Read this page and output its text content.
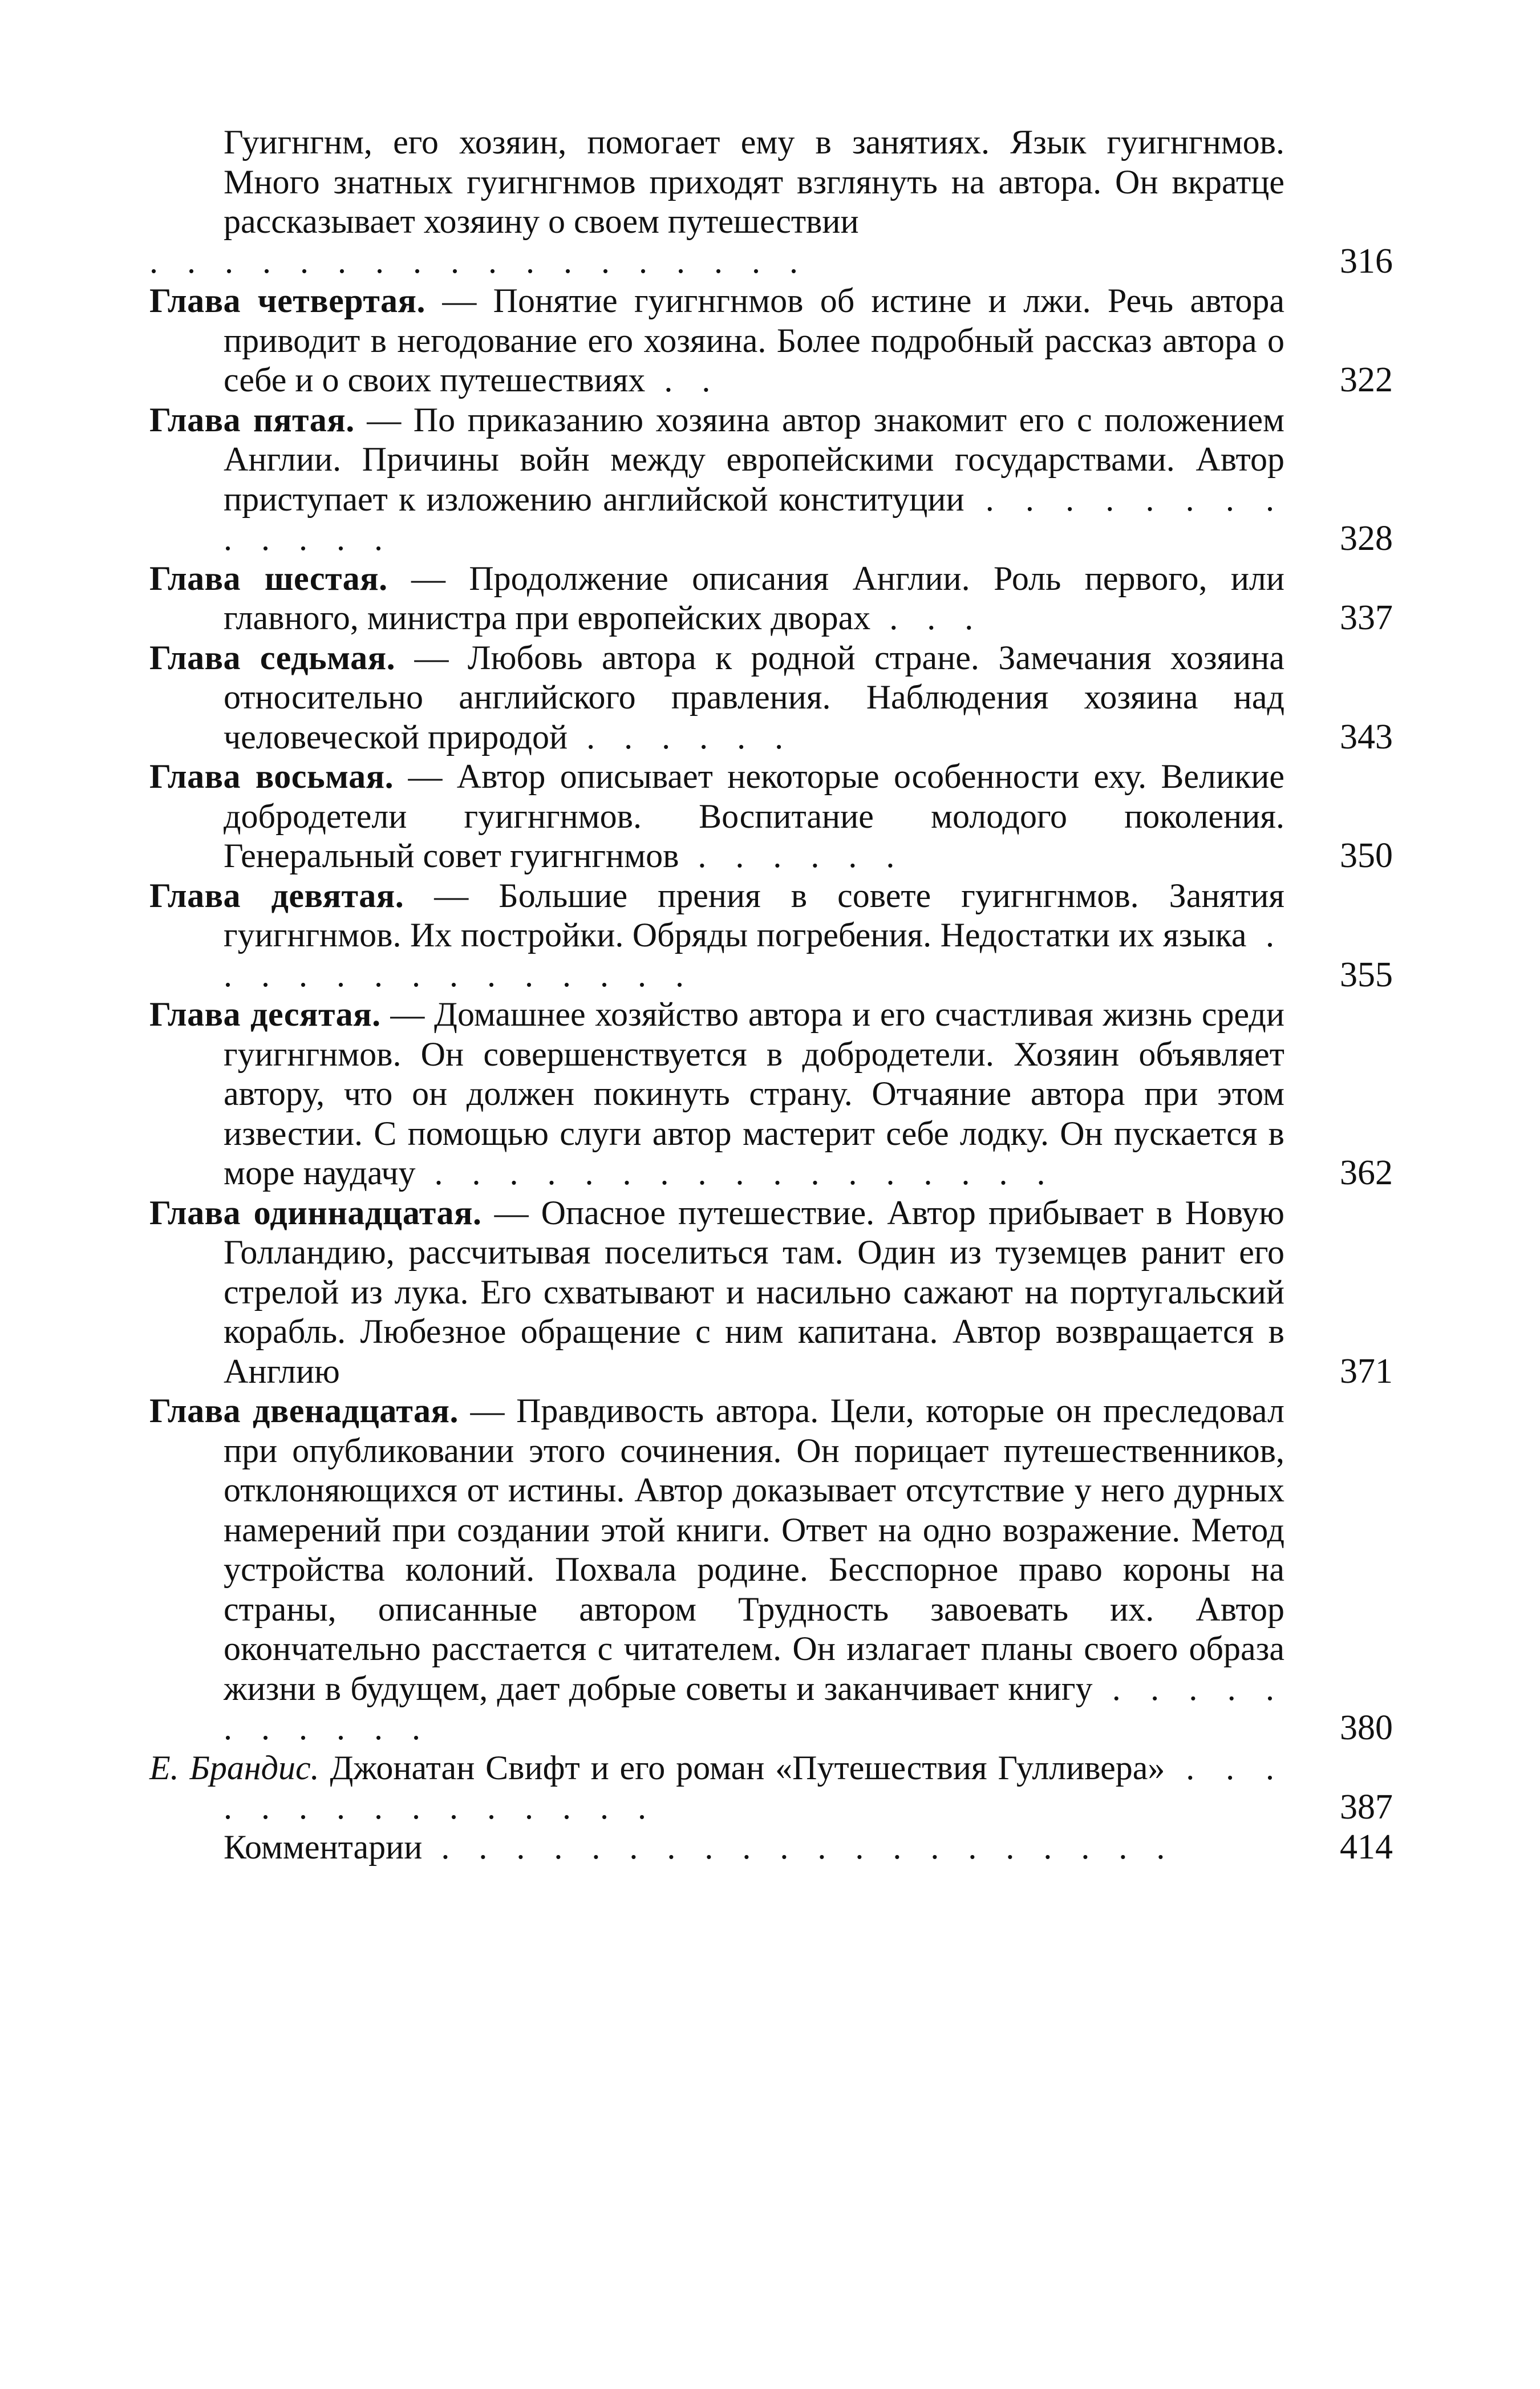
Гуигнгнм, его хозяин, помогает ему в занятиях. Язык гуигнгнмов. Много знатных гуигнгнмов приходят взглянуть на автора. Он вкратце рассказывает хозяину о своем путешествии
. . . . . . . . . . . . . . . . . .	316
Глава четвертая. — Понятие гуигнгнмов об истине и лжи. Речь автора приводит в негодование его хозяина. Более подробный рассказ автора о себе и о своих путешествиях . .	322
Глава пятая. — По приказанию хозяина автор знакомит его с положением Англии. Причины войн между европейскими государствами. Автор приступает к изложению английской конституции . . . . . . . . . . . . .	328
Глава шестая. — Продолжение описания Англии. Роль первого, или главного, министра при европейских дворах . . .	337
Глава седьмая. — Любовь автора к родной стране. Замечания хозяина относительно английского правления. Наблюдения хозяина над человеческой природой . . . . . .	343
Глава восьмая. — Автор описывает некоторые особенности еху. Великие добродетели гуигнгнмов. Воспитание молодого поколения. Генеральный совет гуигнгнмов . . . . . .	350
Глава девятая. — Большие прения в совете гуигнгнмов. Занятия гуигнгнмов. Их постройки. Обряды погребения. Недостатки их языка . . . . . . . . . . . . . .	355
Глава десятая. — Домашнее хозяйство автора и его счастливая жизнь среди гуигнгнмов. Он совершенствуется в добродетели. Хозяин объявляет автору, что он должен покинуть страну. Отчаяние автора при этом известии. С помощью слуги автор мастерит себе лодку. Он пускается в море наудачу . . . . . . . . . . . . . . . . .	362
Глава одиннадцатая. — Опасное путешествие. Автор прибывает в Новую Голландию, рассчитывая поселиться там. Один из туземцев ранит его стрелой из лука. Его схватывают и насильно сажают на португальский корабль. Любезное обращение с ним капитана. Автор возвращается в Англию	371
Глава двенадцатая. — Правдивость автора. Цели, которые он преследовал при опубликовании этого сочинения. Он порицает путешественников, отклоняющихся от истины. Автор доказывает отсутствие у него дурных намерений при создании этой книги. Ответ на одно возражение. Метод устройства колоний. Похвала родине. Бесспорное право короны на страны, описанные автором Трудность завоевать их. Автор окончательно расстается с читателем. Он излагает планы своего образа жизни в будущем, дает добрые советы и заканчивает книгу . . . . . . . . . . .	380
Е. Брандис. Джонатан Свифт и его роман «Путешествия Гулливера» . . . . . . . . . . . . . . .	387
Комментарии . . . . . . . . . . . . . . . . . . . .	414
